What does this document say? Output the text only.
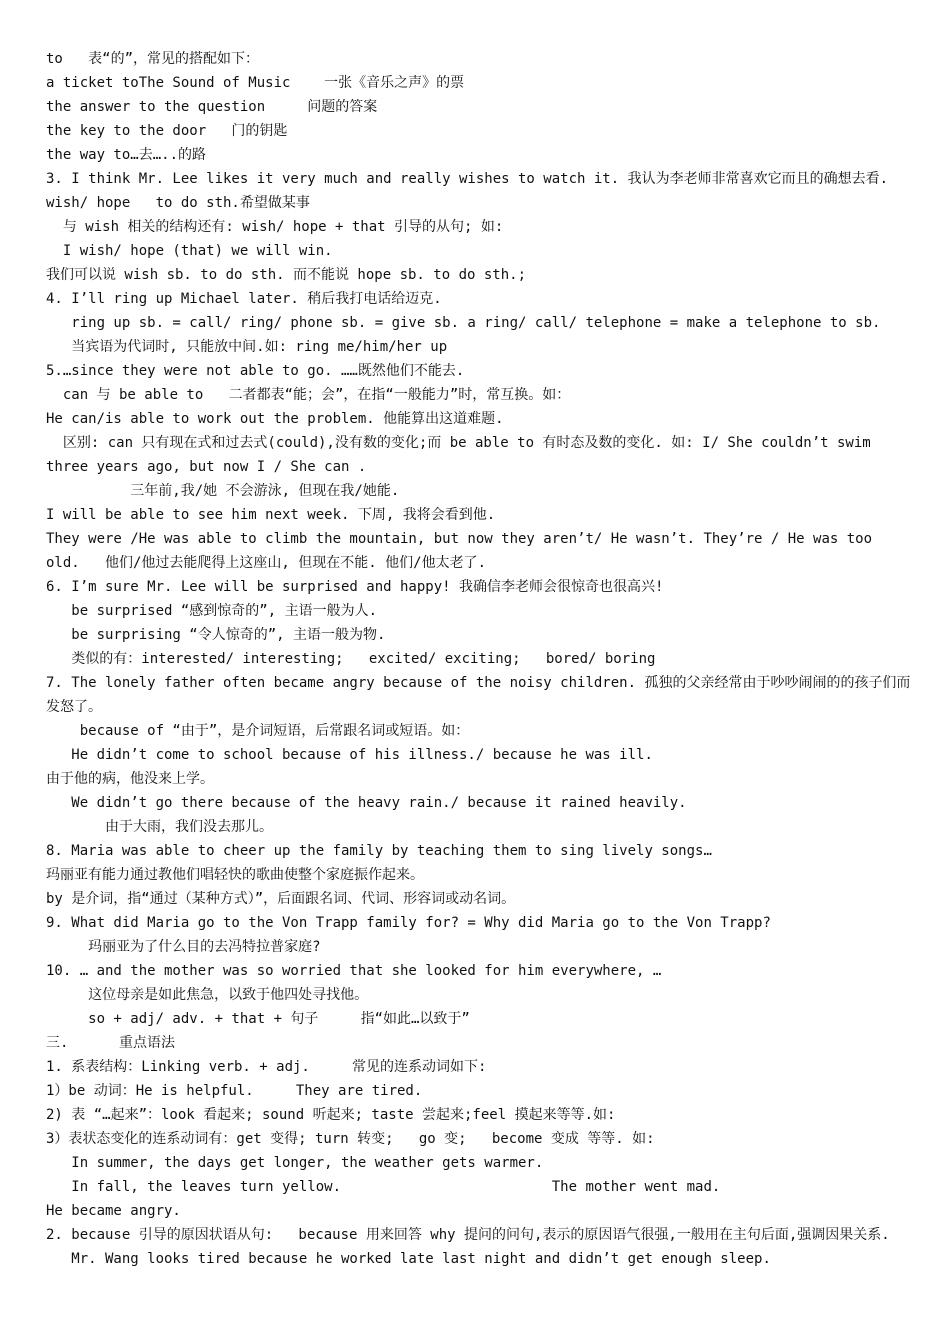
to   表“的”，常见的搭配如下：
a ticket toThe Sound of Music    一张《音乐之声》的票
the answer to the question     问题的答案
the key to the door   门的钥匙
the way to…去…..的路
3. I think Mr. Lee likes it very much and really wishes to watch it. 我认为李老师非常喜欢它而且的确想去看.      wish/ hope   to do sth.希望做某事
与 wish 相关的结构还有: wish/ hope + that 引导的从句; 如:
I wish/ hope (that) we will win.
我们可以说 wish sb. to do sth. 而不能说 hope sb. to do sth.;
4. I’ll ring up Michael later. 稍后我打电话给迈克.
ring up sb. = call/ ring/ phone sb. = give sb. a ring/ call/ telephone = make a telephone to sb.
当宾语为代词时, 只能放中间.如: ring me/him/her up
5.…since they were not able to go. ……既然他们不能去.
can 与 be able to   二者都表“能；会”，在指“一般能力”时，常互换。如：
He can/is able to work out the problem. 他能算出这道难题.
区别: can 只有现在式和过去式(could),没有数的变化;而 be able to 有时态及数的变化. 如: I/ She couldn’t swim three years ago, but now I / She can .
三年前,我/她 不会游泳, 但现在我/她能.
I will be able to see him next week. 下周, 我将会看到他.
They were /He was able to climb the mountain, but now they aren’t/ He wasn’t. They’re / He was too old.   他们/他过去能爬得上这座山, 但现在不能. 他们/他太老了.
6. I’m sure Mr. Lee will be surprised and happy! 我确信李老师会很惊奇也很高兴!
be surprised “感到惊奇的”, 主语一般为人.
be surprising “令人惊奇的”, 主语一般为物.
类似的有：interested/ interesting;   excited/ exciting;   bored/ boring
7. The lonely father often became angry because of the noisy children. 孤独的父亲经常由于吵吵闹闹的的孩子们而发怒了。
because of “由于”，是介词短语，后常跟名词或短语。如：
He didn’t come to school because of his illness./ because he was ill.
由于他的病，他没来上学。
We didn’t go there because of the heavy rain./ because it rained heavily.
由于大雨，我们没去那儿。
8. Maria was able to cheer up the family by teaching them to sing lively songs…
玛丽亚有能力通过教他们唱轻快的歌曲使整个家庭振作起来。
by 是介词，指“通过（某种方式）”，后面跟名词、代词、形容词或动名词。
9. What did Maria go to the Von Trapp family for? = Why did Maria go to the Von Trapp?
玛丽亚为了什么目的去冯特拉普家庭?
10. … and the mother was so worried that she looked for him everywhere, …
这位母亲是如此焦急，以致于他四处寻找他。
so + adj/ adv. + that + 句子     指“如此…以致于”
三.      重点语法
1. 系表结构：Linking verb. + adj.     常见的连系动词如下:
1）be 动词：He is helpful.     They are tired.
2) 表 “…起来”：look 看起来; sound 听起来; taste 尝起来;feel 摸起来等等.如:
3）表状态变化的连系动词有：get 变得; turn 转变;   go 变;   become 变成 等等. 如:
In summer, the days get longer, the weather gets warmer.
In fall, the leaves turn yellow.                         The mother went mad.
He became angry.
2. because 引导的原因状语从句:   because 用来回答 why 提问的问句,表示的原因语气很强,一般用在主句后面,强调因果关系.
Mr. Wang looks tired because he worked late last night and didn’t get enough sleep.
